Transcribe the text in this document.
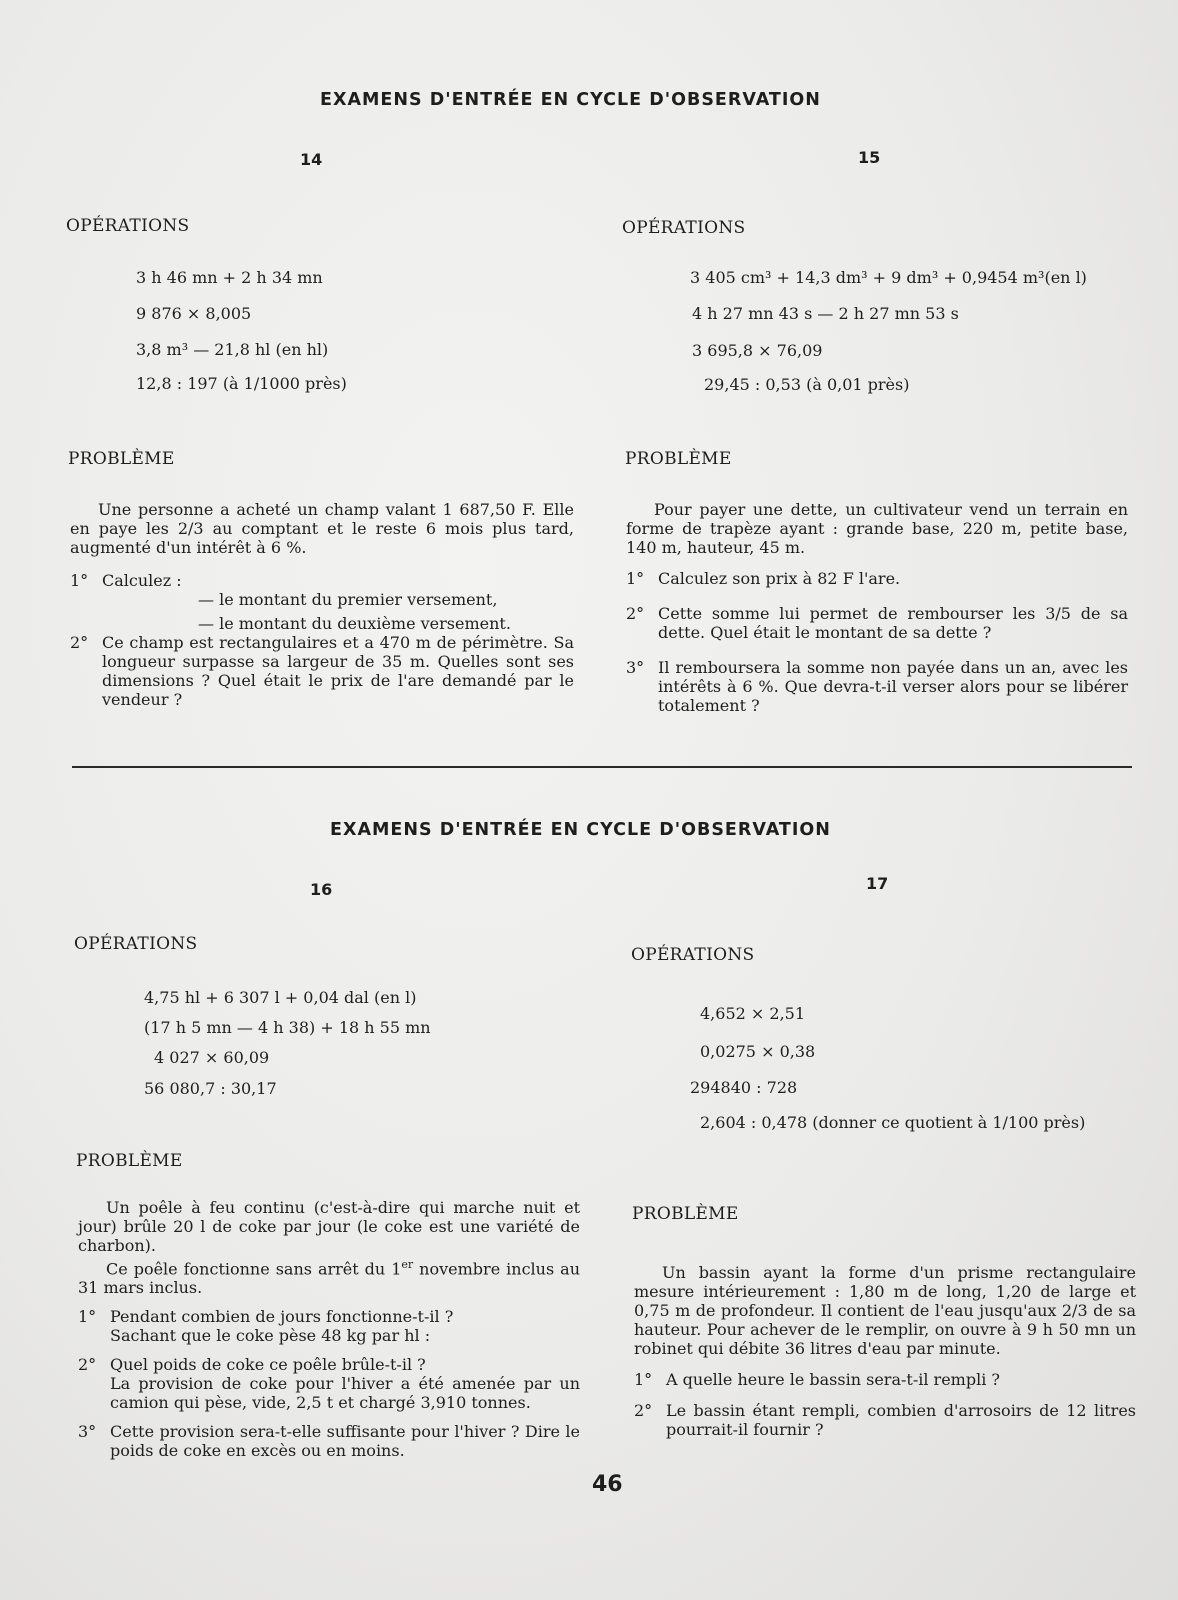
EXAMENS D'ENTRÉE EN CYCLE D'OBSERVATION
14	15
OPÉRATIONS
3 h 46 mn + 2 h 34 mn
9 876 × 8,005
3,8 m³ — 21,8 hl (en hl)
12,8 : 197 (à 1/1000 près)
PROBLÈME
Une personne a acheté un champ valant 1 687,50 F. Elle en paye les 2/3 au comptant et le reste 6 mois plus tard, augmenté d'un intérêt à 6 %.
1° Calculez :
— le montant du premier versement,
— le montant du deuxième versement.
2° Ce champ est rectangulaires et a 470 m de périmètre. Sa longueur surpasse sa largeur de 35 m. Quelles sont ses dimensions ? Quel était le prix de l'are demandé par le vendeur ?
OPÉRATIONS
3 405 cm³ + 14,3 dm³ + 9 dm³ + 0,9454 m³(en l)
4 h 27 mn 43 s — 2 h 27 mn 53 s
3 695,8 × 76,09
29,45 : 0,53 (à 0,01 près)
PROBLÈME
Pour payer une dette, un cultivateur vend un terrain en forme de trapèze ayant : grande base, 220 m, petite base, 140 m, hauteur, 45 m.
1° Calculez son prix à 82 F l'are.
2° Cette somme lui permet de rembourser les 3/5 de sa dette. Quel était le montant de sa dette ?
3° Il remboursera la somme non payée dans un an, avec les intérêts à 6 %. Que devra-t-il verser alors pour se libérer totalement ?
EXAMENS D'ENTRÉE EN CYCLE D'OBSERVATION
16	17
OPÉRATIONS
4,75 hl + 6 307 l + 0,04 dal (en l)
(17 h 5 mn — 4 h 38) + 18 h 55 mn
4 027 × 60,09
56 080,7 : 30,17
PROBLÈME
Un poêle à feu continu (c'est-à-dire qui marche nuit et jour) brûle 20 l de coke par jour (le coke est une variété de charbon).
Ce poêle fonctionne sans arrêt du 1er novembre inclus au 31 mars inclus.
1° Pendant combien de jours fonctionne-t-il ?
Sachant que le coke pèse 48 kg par hl :
2° Quel poids de coke ce poêle brûle-t-il ?
La provision de coke pour l'hiver a été amenée par un camion qui pèse, vide, 2,5 t et chargé 3,910 tonnes.
3° Cette provision sera-t-elle suffisante pour l'hiver ? Dire le poids de coke en excès ou en moins.
OPÉRATIONS
4,652 × 2,51
0,0275 × 0,38
294840 : 728
2,604 : 0,478 (donner ce quotient à 1/100 près)
PROBLÈME
Un bassin ayant la forme d'un prisme rectangulaire mesure intérieurement : 1,80 m de long, 1,20 de large et 0,75 m de profondeur. Il contient de l'eau jusqu'aux 2/3 de sa hauteur. Pour achever de le remplir, on ouvre à 9 h 50 mn un robinet qui débite 36 litres d'eau par minute.
1° A quelle heure le bassin sera-t-il rempli ?
2° Le bassin étant rempli, combien d'arrosoirs de 12 litres pourrait-il fournir ?
46
